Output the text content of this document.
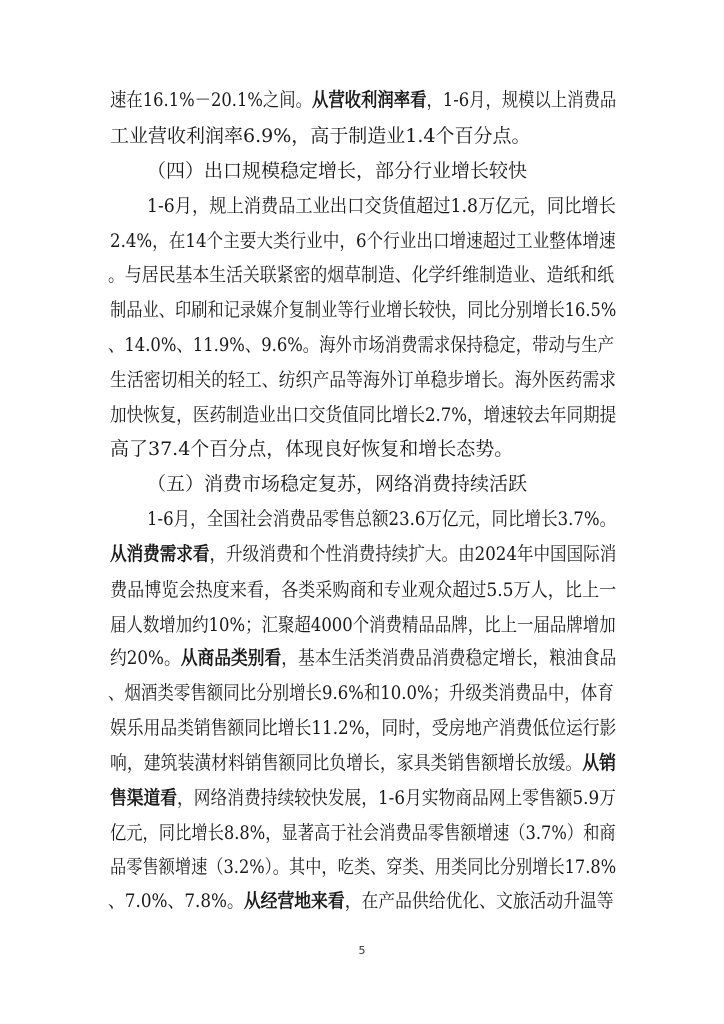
速在16.1%－20.1%之间。从营收利润率看，1-6月，规模以上消费品
工业营收利润率6.9%，高于制造业1.4个百分点。
（四）出口规模稳定增长，部分行业增长较快
1-6月，规上消费品工业出口交货值超过1.8万亿元，同比增长
2.4%，在14个主要大类行业中，6个行业出口增速超过工业整体增速
。与居民基本生活关联紧密的烟草制造、化学纤维制造业、造纸和纸
制品业、印刷和记录媒介复制业等行业增长较快，同比分别增长16.5%
、14.0%、11.9%、9.6%。海外市场消费需求保持稳定，带动与生产
生活密切相关的轻工、纺织产品等海外订单稳步增长。海外医药需求
加快恢复，医药制造业出口交货值同比增长2.7%，增速较去年同期提
高了37.4个百分点，体现良好恢复和增长态势。
（五）消费市场稳定复苏，网络消费持续活跃
1-6月，全国社会消费品零售总额23.6万亿元，同比增长3.7%。
从消费需求看，升级消费和个性消费持续扩大。由2024年中国国际消
费品博览会热度来看，各类采购商和专业观众超过5.5万人，比上一
届人数增加约10%；汇聚超4000个消费精品品牌，比上一届品牌增加
约20%。从商品类别看，基本生活类消费品消费稳定增长，粮油食品
、烟酒类零售额同比分别增长9.6%和10.0%；升级类消费品中，体育
娱乐用品类销售额同比增长11.2%，同时，受房地产消费低位运行影
响，建筑装潢材料销售额同比负增长，家具类销售额增长放缓。从销
售渠道看，网络消费持续较快发展，1-6月实物商品网上零售额5.9万
亿元，同比增长8.8%，显著高于社会消费品零售额增速（3.7%）和商
品零售额增速（3.2%）。其中，吃类、穿类、用类同比分别增长17.8%
、7.0%、7.8%。从经营地来看，在产品供给优化、文旅活动升温等
5
